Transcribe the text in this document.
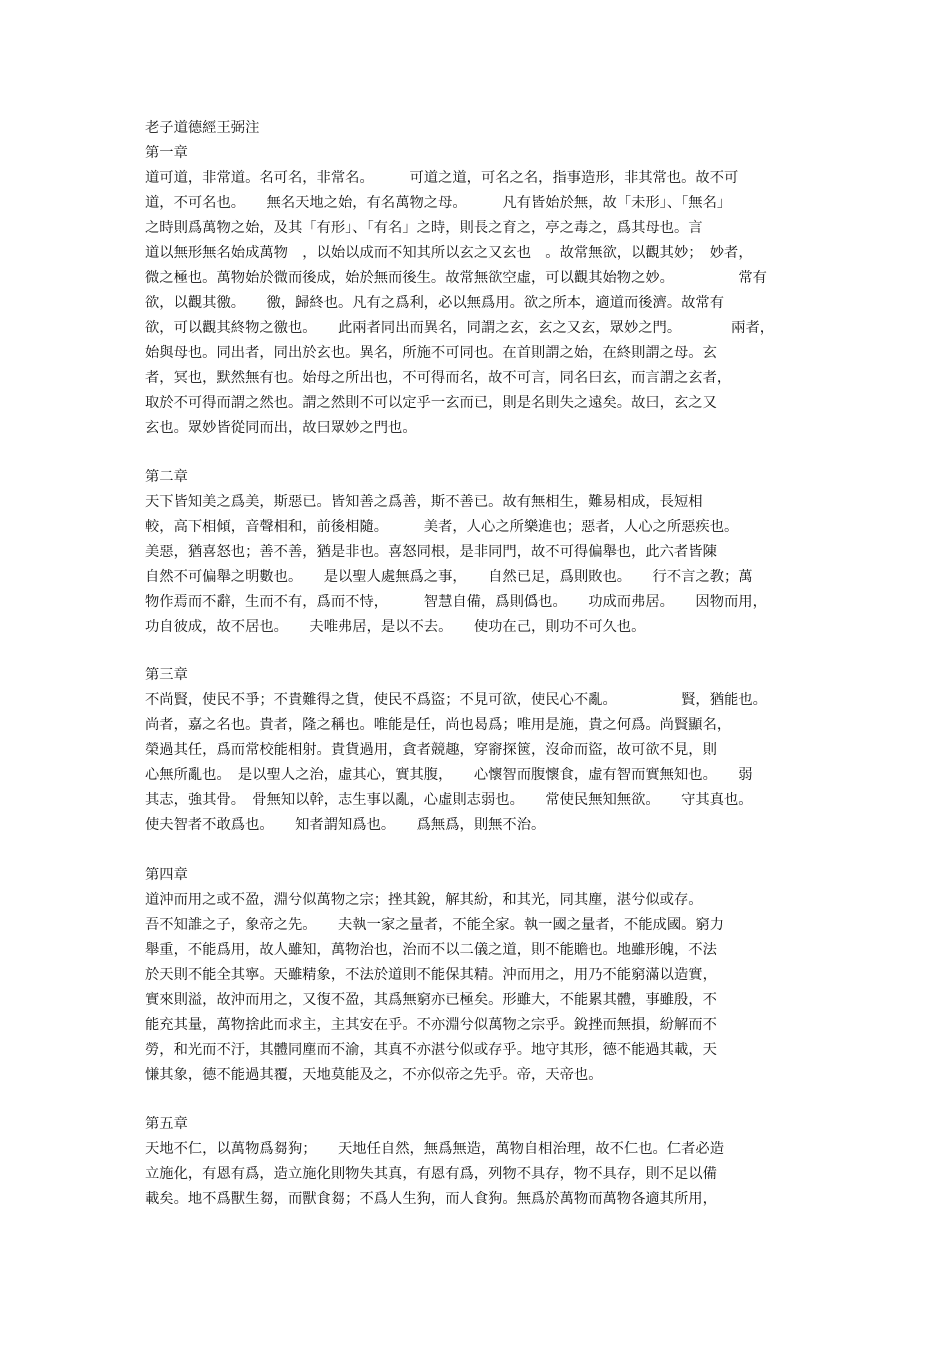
老子道德經王弼注
第一章
道可道，非常道。名可名，非常名。　　　可道之道，可名之名，指事造形，非其常也。故不可
道，不可名也。　　無名天地之始，有名萬物之母。　　　凡有皆始於無，故「未形」、「無名」
之時則爲萬物之始，及其「有形」、「有名」之時，則長之育之，亭之毒之，爲其母也。言
道以無形無名始成萬物　，以始以成而不知其所以玄之又玄也　。故常無欲，以觀其妙；　妙者，
微之極也。萬物始於微而後成，始於無而後生。故常無欲空虛，可以觀其始物之妙。　　　　　常有
欲，以觀其徼。　　徼，歸終也。凡有之爲利，必以無爲用。欲之所本，適道而後濟。故常有
欲，可以觀其終物之徼也。　　此兩者同出而異名，同謂之玄，玄之又玄，眾妙之門。　　　　兩者，
始與母也。同出者，同出於玄也。異名，所施不可同也。在首則謂之始，在終則謂之母。玄
者，冥也，默然無有也。始母之所出也，不可得而名，故不可言，同名曰玄，而言謂之玄者，
取於不可得而謂之然也。謂之然則不可以定乎一玄而已，則是名則失之遠矣。故曰，玄之又
玄也。眾妙皆從同而出，故曰眾妙之門也。
第二章
天下皆知美之爲美，斯惡已。皆知善之爲善，斯不善已。故有無相生，難易相成，長短相
較，高下相傾，音聲相和，前後相隨。　　　美者，人心之所樂進也；惡者，人心之所惡疾也。
美惡，猶喜怒也；善不善，猶是非也。喜怒同根，是非同門，故不可得偏舉也，此六者皆陳
自然不可偏舉之明數也。　　是以聖人處無爲之事，　　自然已足，爲則敗也。　　行不言之教；萬
物作焉而不辭，生而不有，爲而不恃，　　　智慧自備，爲則僞也。　　功成而弗居。　　因物而用，
功自彼成，故不居也。　　夫唯弗居，是以不去。　　使功在己，則功不可久也。
第三章
不尚賢，使民不爭；不貴難得之貨，使民不爲盜；不見可欲，使民心不亂。　　　　　賢，猶能也。
尚者，嘉之名也。貴者，隆之稱也。唯能是任，尚也曷爲；唯用是施，貴之何爲。尚賢顯名，
榮過其任，爲而常校能相射。貴貨過用，貪者競趣，穿窬探篋，沒命而盜，故可欲不見，則
心無所亂也。　是以聖人之治，虛其心，實其腹，　　心懷智而腹懷食，虛有智而實無知也。　　弱
其志，強其骨。　骨無知以幹，志生事以亂，心虛則志弱也。　　常使民無知無欲。　　守其真也。
使夫智者不敢爲也。　　知者謂知爲也。　　爲無爲，則無不治。
第四章
道沖而用之或不盈，淵兮似萬物之宗；挫其銳，解其紛，和其光，同其塵，湛兮似或存。
吾不知誰之子，象帝之先。　　夫執一家之量者，不能全家。執一國之量者，不能成國。窮力
舉重，不能爲用，故人雖知，萬物治也，治而不以二儀之道，則不能贍也。地雖形魄，不法
於天則不能全其寧。天雖精象，不法於道則不能保其精。沖而用之，用乃不能窮滿以造實，
實來則溢，故沖而用之，又復不盈，其爲無窮亦已極矣。形雖大，不能累其體，事雖殷，不
能充其量，萬物捨此而求主，主其安在乎。不亦淵兮似萬物之宗乎。銳挫而無損，紛解而不
勞，和光而不汙，其體同塵而不渝，其真不亦湛兮似或存乎。地守其形，德不能過其載，天
慊其象，德不能過其覆，天地莫能及之，不亦似帝之先乎。帝，天帝也。
第五章
天地不仁，以萬物爲芻狗；　　天地任自然，無爲無造，萬物自相治理，故不仁也。仁者必造
立施化，有恩有爲，造立施化則物失其真，有恩有爲，列物不具存，物不具存，則不足以備
載矣。地不爲獸生芻，而獸食芻；不爲人生狗，而人食狗。無爲於萬物而萬物各適其所用，
